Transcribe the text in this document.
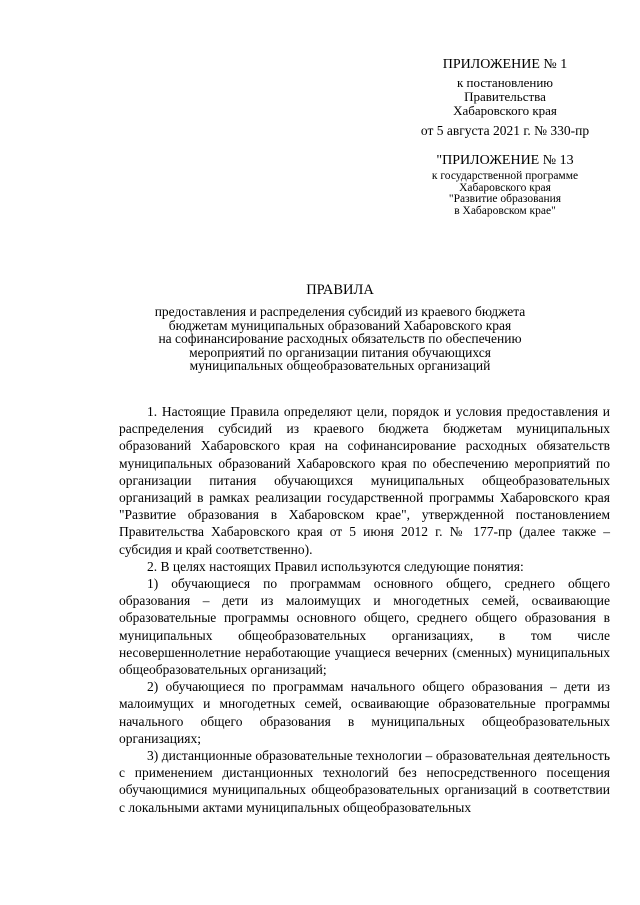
ПРИЛОЖЕНИЕ № 1
к постановлению
Правительства
Хабаровского края
от 5 августа 2021 г. № 330-пр
"ПРИЛОЖЕНИЕ № 13
к государственной программе
Хабаровского края
"Развитие образования
в Хабаровском крае"
ПРАВИЛА
предоставления и распределения субсидий из краевого бюджета
бюджетам муниципальных образований Хабаровского края
на софинансирование расходных обязательств по обеспечению
мероприятий по организации питания обучающихся
муниципальных общеобразовательных организаций

1. Настоящие Правила определяют цели, порядок и условия предоставления и распределения субсидий из краевого бюджета бюджетам муниципальных образований Хабаровского края на софинансирование расходных обязательств муниципальных образований Хабаровского края по обеспечению мероприятий по организации питания обучающихся муниципальных общеобразовательных организаций в рамках реализации государственной программы Хабаровского края "Развитие образования в Хабаровском крае", утвержденной постановлением Правительства Хабаровского края от 5 июня 2012 г. № 177-пр (далее также – субсидия и край соответственно).

2. В целях настоящих Правил используются следующие понятия:

1) обучающиеся по программам основного общего, среднего общего образования – дети из малоимущих и многодетных семей, осваивающие образовательные программы основного общего, среднего общего образования в муниципальных общеобразовательных организациях, в том числе несовершеннолетние неработающие учащиеся вечерних (сменных) муниципальных общеобразовательных организаций;

2) обучающиеся по программам начального общего образования – дети из малоимущих и многодетных семей, осваивающие образовательные программы начального общего образования в муниципальных общеобразовательных организациях;

3) дистанционные образовательные технологии – образовательная деятельность с применением дистанционных технологий без непосредственного посещения обучающимися муниципальных общеобразовательных организаций в соответствии с локальными актами муниципальных общеобразовательных
